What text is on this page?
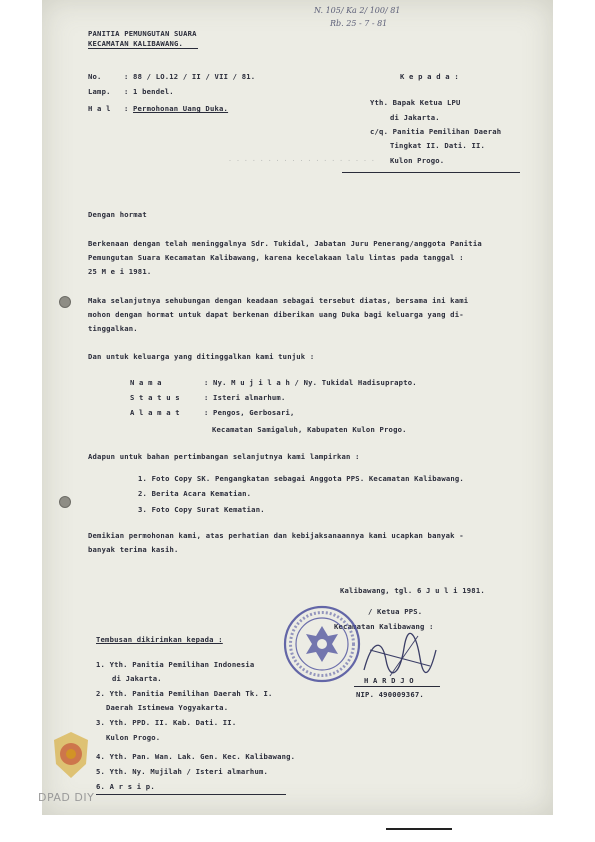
PANITIA PEMUNGUTAN SUARA
KECAMATAN KALIBAWANG.
N. 105/ Ka 2/ 100/ 81
Rb. 25 - 7 - 81
No.	: 88 / LO.12 / II / VII / 81.
Lamp. : 1 bendel.
H a l : Permohonan Uang Duka.
K e p a d a :
Yth. Bapak Ketua LPU
di Jakarta.
c/q. Panitia Pemilihan Daerah
Tingkat II. Dati. II.
Kulon Progo.
. . . . . . . . . . . . . . . . . . .
Dengan hormat
Berkenaan dengan telah meninggalnya Sdr. Tukidal, Jabatan Juru Penerang/anggota Panitia
Pemungutan Suara Kecamatan Kalibawang, karena kecelakaan lalu lintas pada tanggal :
25 M e i 1981.
Maka selanjutnya sehubungan dengan keadaan sebagai tersebut diatas, bersama ini kami
mohon dengan hormat untuk dapat berkenan diberikan uang Duka bagi keluarga yang di-
tinggalkan.
Dan untuk keluarga yang ditinggalkan kami tunjuk :
N a m a	: Ny. M u j i l a h / Ny. Tukidal Hadisuprapto.
S t a t u s	: Isteri almarhum.
A l a m a t	: Pengos, Gerbosari,
Kecamatan Samigaluh, Kabupaten Kulon Progo.
Adapun untuk bahan pertimbangan selanjutnya kami lampirkan :
1. Foto Copy SK. Pengangkatan sebagai Anggota PPS. Kecamatan Kalibawang.
2. Berita Acara Kematian.
3. Foto Copy Surat Kematian.
Demikian permohonan kami, atas perhatian dan kebijaksanaannya kami ucapkan banyak -
banyak terima kasih.
Kalibawang, tgl. 6 J u l i 1981.
/ Ketua PPS.
Kecamatan Kalibawang :
H A R D J O
NIP. 490009367.
Tembusan dikirimkan kepada :
1. Yth. Panitia Pemilihan Indonesia
di Jakarta.
2. Yth. Panitia Pemilihan Daerah Tk. I.
Daerah Istimewa Yogyakarta.
3. Yth. PPD. II. Kab. Dati. II.
Kulon Progo.
4. Yth. Pan. Wan. Lak. Gen. Kec. Kalibawang.
5. Yth. Ny. Mujilah / Isteri almarhum.
6. A r s i p.
DPAD DIY
